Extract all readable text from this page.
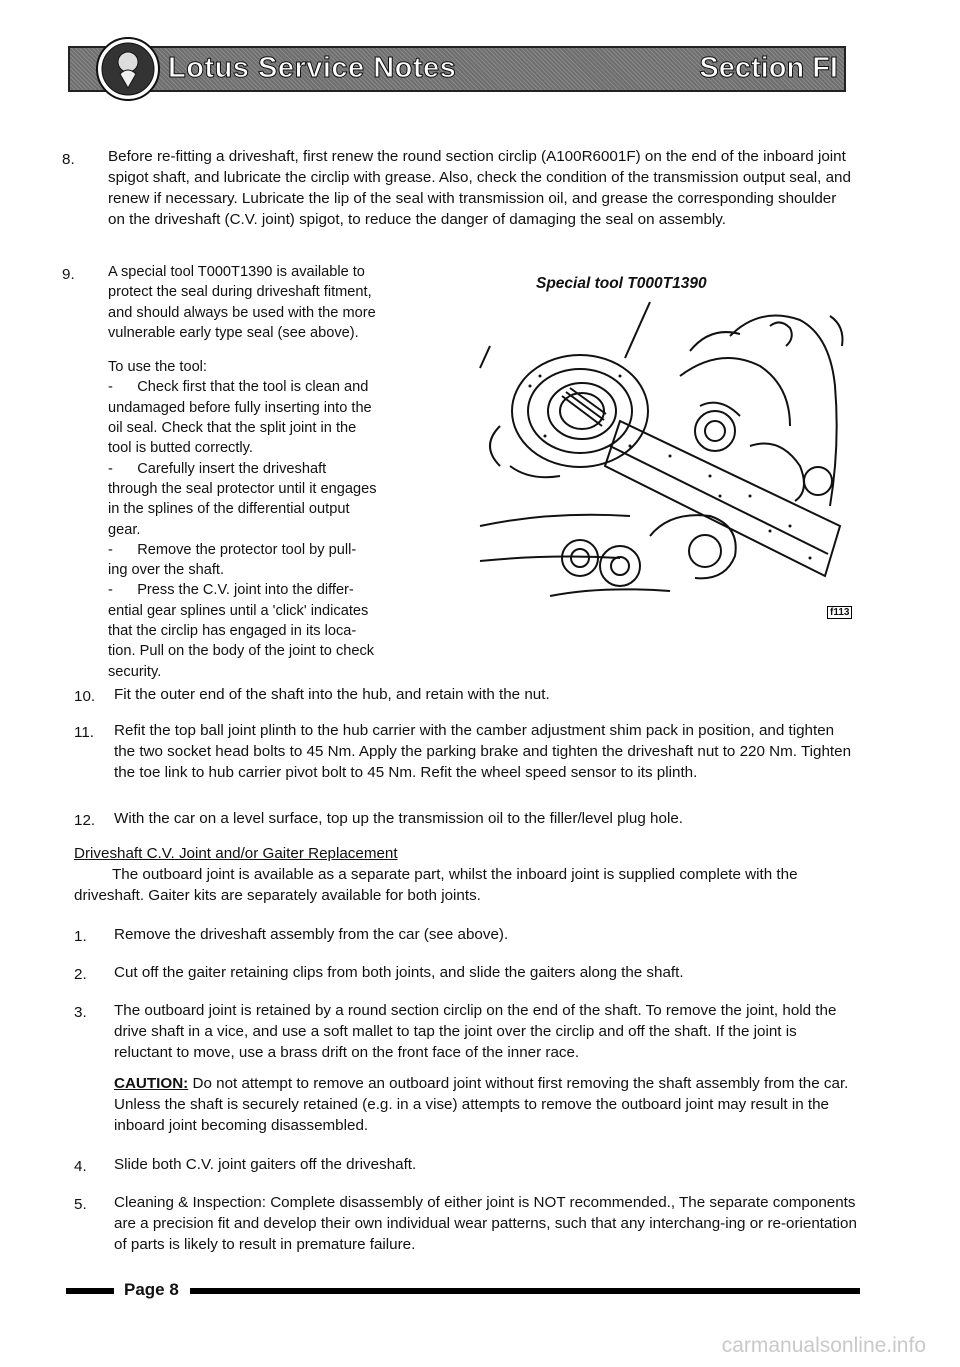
Lotus Service Notes	Section FI
8. Before re-fitting a driveshaft, first renew the round section circlip (A100R6001F) on the end of the inboard joint spigot shaft, and lubricate the circlip with grease. Also, check the condition of the transmission output seal, and renew if necessary. Lubricate the lip of the seal with transmission oil, and grease the corresponding shoulder on the driveshaft (C.V. joint) spigot, to reduce the danger of damaging the seal on assembly.
9. A special tool T000T1390 is available to
protect the seal during driveshaft fitment,
and should always be used with the more
vulnerable early type seal (see above).
To use the tool:
-      Check first that the tool is clean and
undamaged before fully inserting into the
oil seal. Check that the split joint in the
tool is butted correctly.
-      Carefully insert the driveshaft
through the seal protector until it engages
in the splines of the differential output
gear.
-      Remove the protector tool by pull-
ing over the shaft.
-      Press the C.V. joint into the differ-
ential gear splines until a 'click' indicates
that the circlip has engaged in its loca-
tion. Pull on the body of the joint to check
security.
Special tool T000T1390
f113
10. Fit the outer end of the shaft into the hub, and retain with the nut.
11. Refit the top ball joint plinth to the hub carrier with the camber adjustment shim pack in position, and tighten the two socket head bolts to 45 Nm. Apply the parking brake and tighten the driveshaft nut to 220 Nm. Tighten the toe link to hub carrier pivot bolt to 45 Nm. Refit the wheel speed sensor to its plinth.
12. With the car on a level surface, top up the transmission oil to the filler/level plug hole.
Driveshaft C.V. Joint and/or Gaiter Replacement
The outboard joint is available as a separate part, whilst the inboard joint is supplied complete with the driveshaft. Gaiter kits are separately available for both joints.
1. Remove the driveshaft assembly from the car (see above).
2. Cut off the gaiter retaining clips from both joints, and slide the gaiters along the shaft.
3. The outboard joint is retained by a round section circlip on the end of the shaft. To remove the joint, hold the drive shaft in a vice, and use a soft mallet to tap the joint over the circlip and off the shaft. If the joint is reluctant to move, use a brass drift on the front face of the inner race.
CAUTION: Do not attempt to remove an outboard joint without first removing the shaft assembly from the car. Unless the shaft is securely retained (e.g. in a vise) attempts to remove the outboard joint may result in the inboard joint becoming disassembled.
4. Slide both C.V. joint gaiters off the driveshaft.
5. Cleaning & Inspection: Complete disassembly of either joint is NOT recommended., The separate components are a precision fit and develop their own individual wear patterns, such that any interchang-ing or re-orientation of parts is likely to result in premature failure.
Page 8
carmanualsonline.info
